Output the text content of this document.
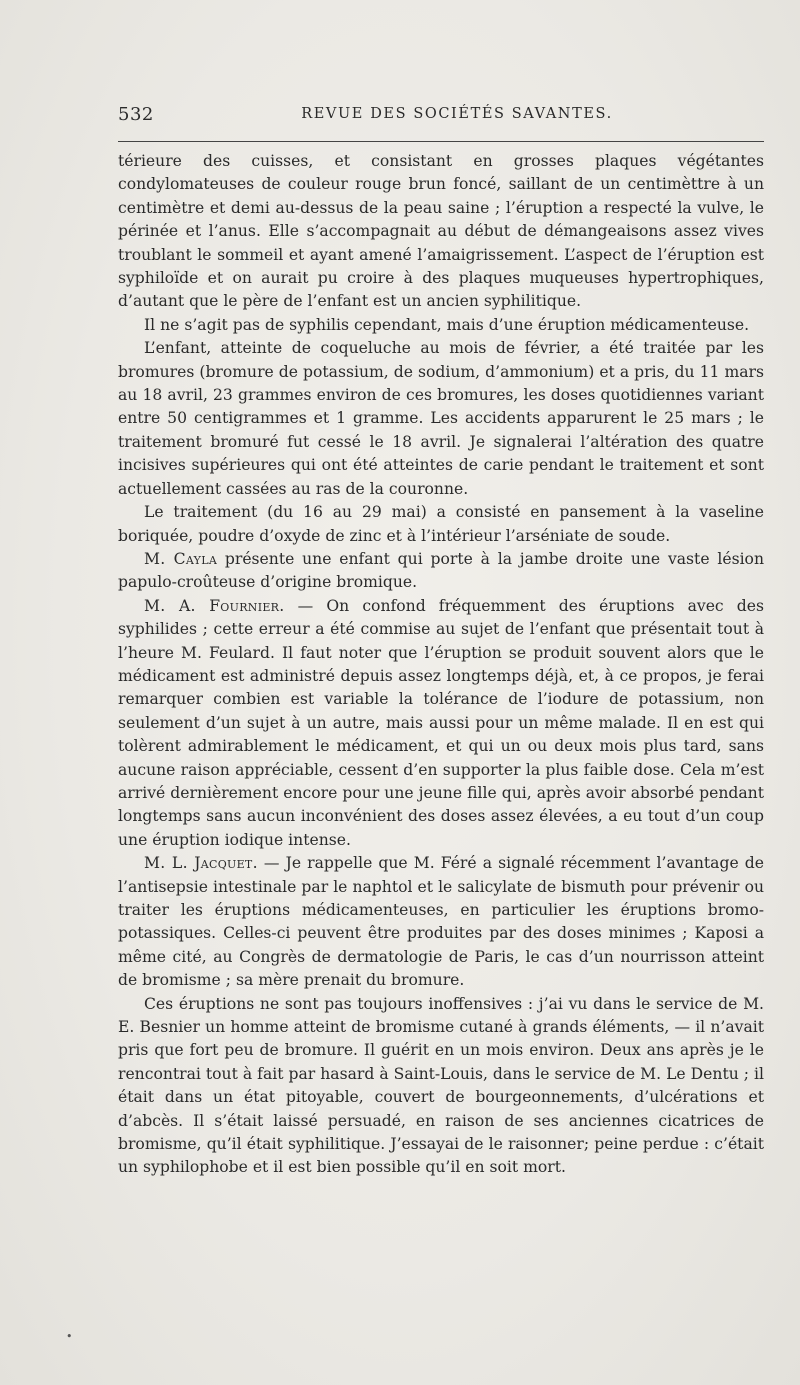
532	REVUE DES SOCIÉTÉS SAVANTES.

térieure des cuisses, et consistant en grosses plaques végétantes condylomateuses de couleur rouge brun foncé, saillant de un centimèttre à un centimètre et demi au-dessus de la peau saine ; l’éruption a respecté la vulve, le périnée et l’anus. Elle s’accompagnait au début de démangeaisons assez vives troublant le sommeil et ayant amené l’amaigrissement. L’aspect de l’éruption est syphiloïde et on aurait pu croire à des plaques muqueuses hypertrophiques, d’autant que le père de l’enfant est un ancien syphilitique.

Il ne s’agit pas de syphilis cependant, mais d’une éruption médicamenteuse.

L’enfant, atteinte de coqueluche au mois de février, a été traitée par les bromures (bromure de potassium, de sodium, d’ammonium) et a pris, du 11 mars au 18 avril, 23 grammes environ de ces bromures, les doses quotidiennes variant entre 50 centigrammes et 1 gramme. Les accidents apparurent le 25 mars ; le traitement bromuré fut cessé le 18 avril. Je signalerai l’altération des quatre incisives supérieures qui ont été atteintes de carie pendant le traitement et sont actuellement cassées au ras de la couronne.

Le traitement (du 16 au 29 mai) a consisté en pansement à la vaseline boriquée, poudre d’oxyde de zinc et à l’intérieur l’arséniate de soude.

M. Cayla présente une enfant qui porte à la jambe droite une vaste lésion papulo-croûteuse d’origine bromique.

M. A. Fournier. — On confond fréquemment des éruptions avec des syphilides ; cette erreur a été commise au sujet de l’enfant que présentait tout à l’heure M. Feulard. Il faut noter que l’éruption se produit souvent alors que le médicament est administré depuis assez longtemps déjà, et, à ce propos, je ferai remarquer combien est variable la tolérance de l’iodure de potassium, non seulement d’un sujet à un autre, mais aussi pour un même malade. Il en est qui tolèrent admirablement le médicament, et qui un ou deux mois plus tard, sans aucune raison appréciable, cessent d’en supporter la plus faible dose. Cela m’est arrivé dernièrement encore pour une jeune fille qui, après avoir absorbé pendant longtemps sans aucun inconvénient des doses assez élevées, a eu tout d’un coup une éruption iodique intense.

M. L. Jacquet. — Je rappelle que M. Féré a signalé récemment l’avantage de l’antisepsie intestinale par le naphtol et le salicylate de bismuth pour prévenir ou traiter les éruptions médicamenteuses, en particulier les éruptions bromo-potassiques. Celles-ci peuvent être produites par des doses minimes ; Kaposi a même cité, au Congrès de dermatologie de Paris, le cas d’un nourrisson atteint de bromisme ; sa mère prenait du bromure.

Ces éruptions ne sont pas toujours inoffensives : j’ai vu dans le service de M. E. Besnier un homme atteint de bromisme cutané à grands éléments, — il n’avait pris que fort peu de bromure. Il guérit en un mois environ. Deux ans après je le rencontrai tout à fait par hasard à Saint-Louis, dans le service de M. Le Dentu ; il était dans un état pitoyable, couvert de bourgeonnements, d’ulcérations et d’abcès. Il s’était laissé persuadé, en raison de ses anciennes cicatrices de bromisme, qu’il était syphilitique. J’essayai de le raisonner; peine perdue : c’était un syphilophobe et il est bien possible qu’il en soit mort.

•
